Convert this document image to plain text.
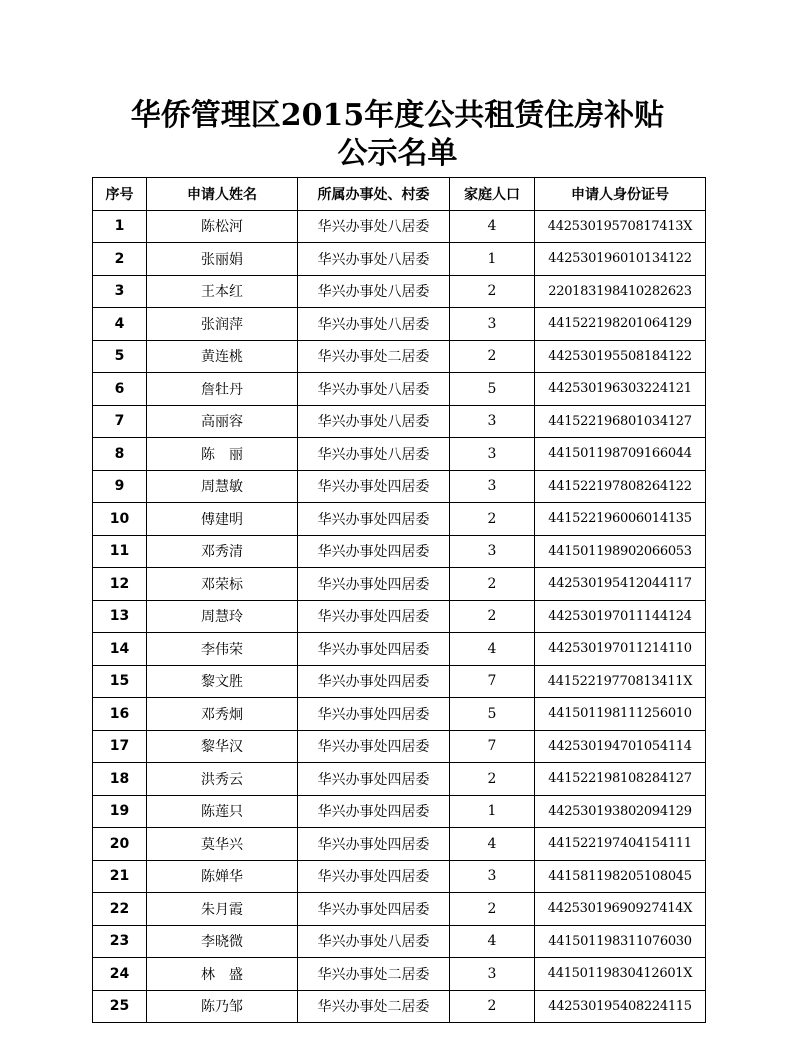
华侨管理区2015年度公共租赁住房补贴
公示名单
序号	申请人姓名	所属办事处、村委	家庭人口	申请人身份证号
1	陈松河	华兴办事处八居委	4	44253019570817413X
2	张丽娟	华兴办事处八居委	1	442530196010134122
3	王本红	华兴办事处八居委	2	220183198410282623
4	张润萍	华兴办事处八居委	3	441522198201064129
5	黄连桃	华兴办事处二居委	2	442530195508184122
6	詹牡丹	华兴办事处八居委	5	442530196303224121
7	高丽容	华兴办事处八居委	3	441522196801034127
8	陈　丽	华兴办事处八居委	3	441501198709166044
9	周慧敏	华兴办事处四居委	3	441522197808264122
10	傅建明	华兴办事处四居委	2	441522196006014135
11	邓秀清	华兴办事处四居委	3	441501198902066053
12	邓荣标	华兴办事处四居委	2	442530195412044117
13	周慧玲	华兴办事处四居委	2	442530197011144124
14	李伟荣	华兴办事处四居委	4	442530197011214110
15	黎文胜	华兴办事处四居委	7	44152219770813411X
16	邓秀炯	华兴办事处四居委	5	441501198111256010
17	黎华汉	华兴办事处四居委	7	442530194701054114
18	洪秀云	华兴办事处四居委	2	441522198108284127
19	陈莲只	华兴办事处四居委	1	442530193802094129
20	莫华兴	华兴办事处四居委	4	441522197404154111
21	陈婵华	华兴办事处四居委	3	441581198205108045
22	朱月霞	华兴办事处四居委	2	44253019690927414X
23	李晓微	华兴办事处八居委	4	441501198311076030
24	林　盛	华兴办事处二居委	3	44150119830412601X
25	陈乃邹	华兴办事处二居委	2	442530195408224115
